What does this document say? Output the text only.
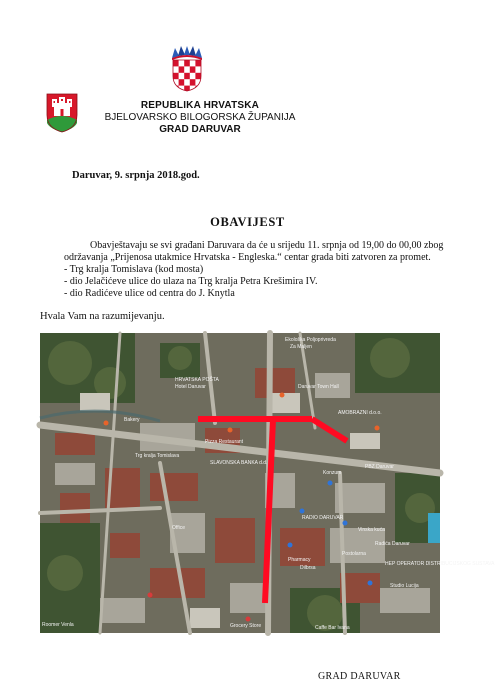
REPUBLIKA HRVATSKA
BJELOVARSKO BILOGORSKA ŽUPANIJA
GRAD DARUVAR
Daruvar, 9. srpnja 2018.god.
OBAVIJEST
Obavještavaju se svi građani Daruvara da će u srijedu 11. srpnja od 19,00 do 00,00 zbog
održavanja „Prijenosa utakmice Hrvatska - Engleska.“ centar grada biti zatvoren za promet.
- Trg kralja Tomislava (kod mosta)
- dio Jelačićeve ulice do ulaza na Trg kralja Petra Krešimira IV.
- dio Radićeve ulice od centra do J. Knytla
Hvala Vam na razumijevanju.
Ekološka Poljoprivreda
Za Maljen
HRVATSKA POŠTA
Hotel Daruvar	Daruvar Town Hall
AMOBRAZNI d.o.o.
Bakery
Pizza Restaurant
SLAVONSKA BANKA d.d.
Trg kralja Tomislava
Konzum
PBZ Daruvar
RADIO DARUVAR
Office
Pharmacy
Dilbrsa
Postolarna
Vinska kuća
Radića Daruvar
HEP OPERATOR DISTRIBUCIJSKOG SUSTAVA
Studio Lucija
Roomer Venla	Grocery Store	Caffe Bar Ivana
GRAD DARUVAR
